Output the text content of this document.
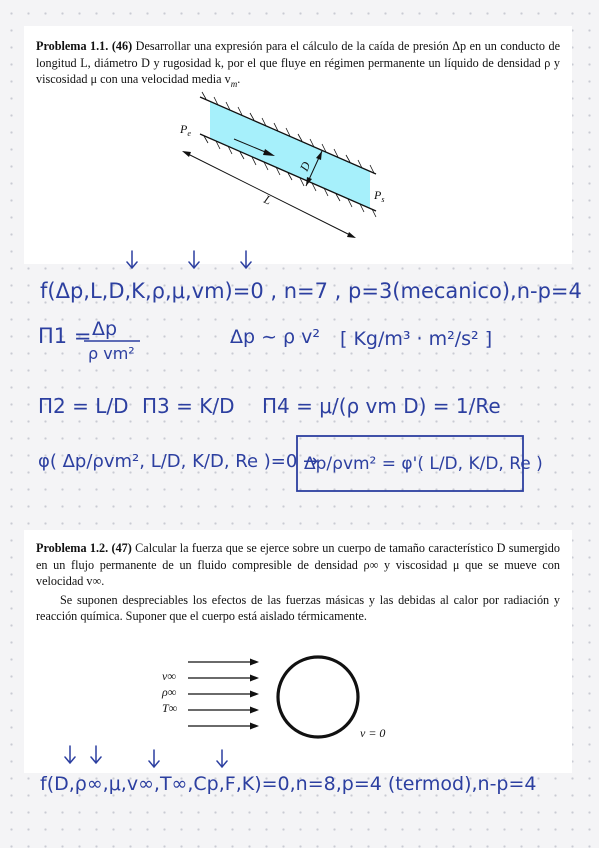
Problema 1.1. (46) Desarrollar una expresión para el cálculo de la caída de presión Δp en un conducto de longitud L, diámetro D y rugosidad k, por el que fluye en régimen permanente un líquido de densidad ρ y viscosidad μ con una velocidad media $v_m$.
$P_e$
$P_s$
D
L
f(Δp,L,D,K,ρ,μ,vm)=0 , n=7 , p=3(mecanico),n-p=4
Π1 = Δp
ρ vm²
Δp ~ ρ v² [ Kg/m³ · m²/s² ]
Π2 = L/D Π3 = K/D Π4 = μ/(ρ vm D) = 1/Re
φ( Δp/ρvm², L/D, K/D, Re )=0 →
Δp/ρvm² = φ'( L/D, K/D, Re )
Problema 1.2. (47) Calcular la fuerza que se ejerce sobre un cuerpo de tamaño característico D sumergido en un flujo permanente de un fluido compresible de densidad ρ∞ y viscosidad μ que se mueve con velocidad v∞.
Se suponen despreciables los efectos de las fuerzas másicas y las debidas al calor por radiación y reacción química. Suponer que el cuerpo está aislado térmicamente.
v∞
ρ∞
T∞
v = 0
f(D,ρ∞,μ,v∞,T∞,Cp,F,K)=0,n=8,p=4 (termod),n-p=4
